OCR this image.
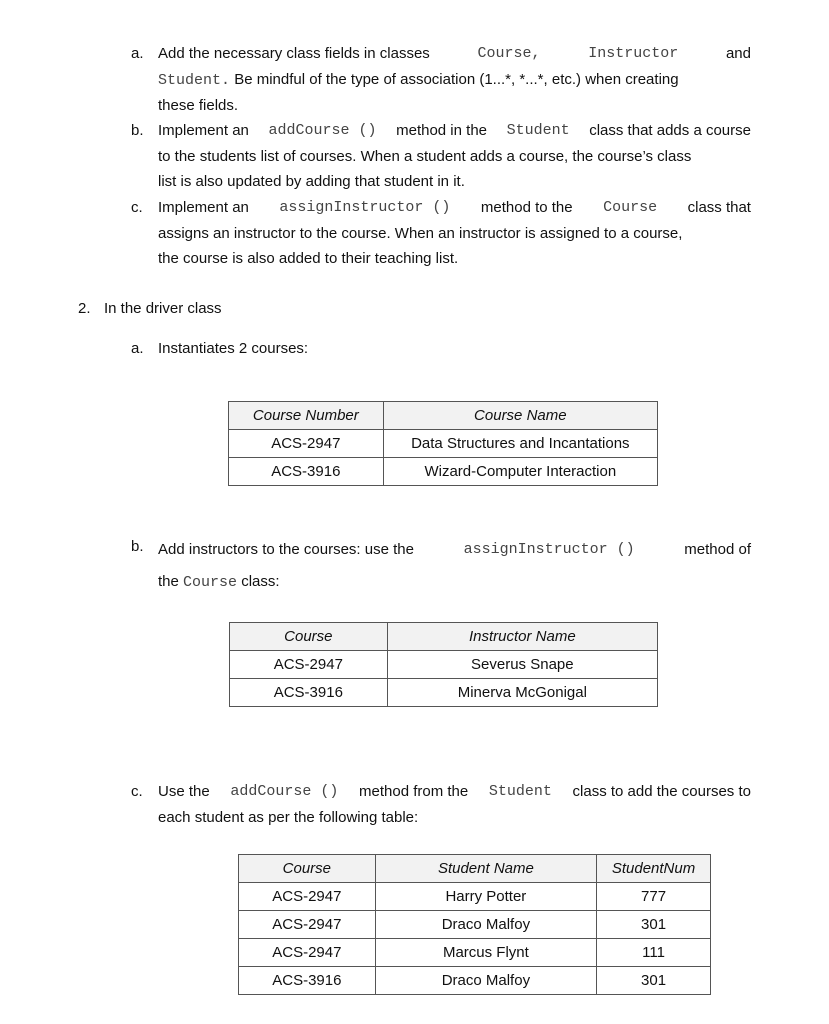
a. Add the necessary class fields in classes	Course,	Instructor	and
Student. Be mindful of the type of association (1...*, *...*, etc.) when creating
these fields.
b. Implement an addCourse () method in the Student class that adds a course
to the students list of courses. When a student adds a course, the course’s class
list is also updated by adding that student in it.
c. Implement an assignInstructor () method to the Course class that
assigns an instructor to the course. When an instructor is assigned to a course,
the course is also added to their teaching list.
2. In the driver class
a. Instantiates 2 courses:
Course Number	Course Name
ACS-2947	Data Structures and Incantations
ACS-3916	Wizard-Computer Interaction
b. Add instructors to the courses: use the	assignInstructor ()	method of
the Course class:
Course	Instructor Name
ACS-2947	Severus Snape
ACS-3916	Minerva McGonigal
c. Use the addCourse () method from the Student class to add the courses to
each student as per the following table:
Course	Student Name	StudentNum
ACS-2947	Harry Potter	777
ACS-2947	Draco Malfoy	301
ACS-2947	Marcus Flynt	111
ACS-3916	Draco Malfoy	301
